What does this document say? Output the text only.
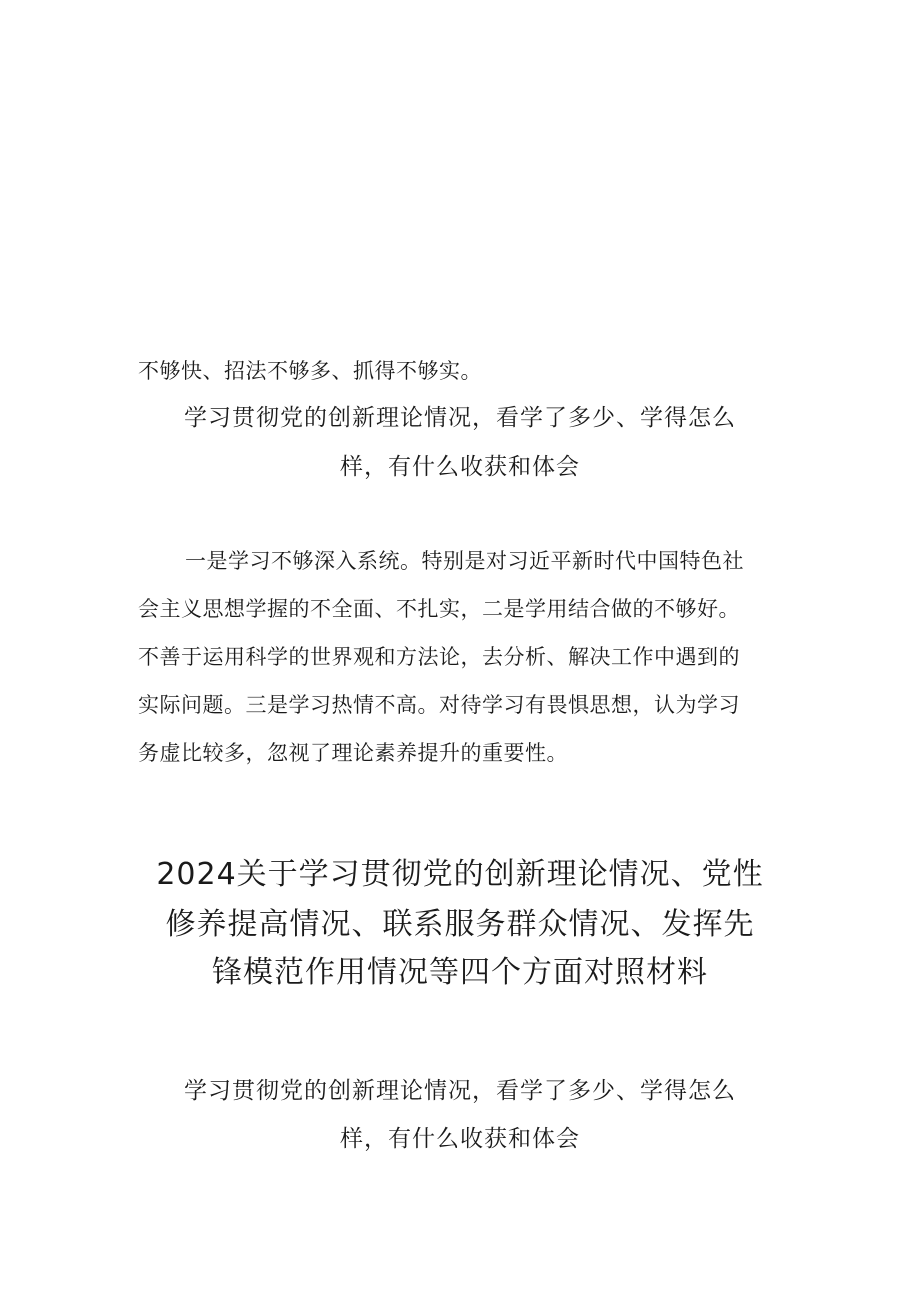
不够快、招法不够多、抓得不够实。
学习贯彻党的创新理论情况，看学了多少、学得怎么
样，有什么收获和体会
一是学习不够深入系统。特别是对习近平新时代中国特色社
会主义思想学握的不全面、不扎实，二是学用结合做的不够好。
不善于运用科学的世界观和方法论，去分析、解决工作中遇到的
实际问题。三是学习热情不高。对待学习有畏惧思想，认为学习
务虚比较多，忽视了理论素养提升的重要性。
2024关于学习贯彻党的创新理论情况、党性
修养提高情况、联系服务群众情况、发挥先
锋模范作用情况等四个方面对照材料
学习贯彻党的创新理论情况，看学了多少、学得怎么
样，有什么收获和体会
